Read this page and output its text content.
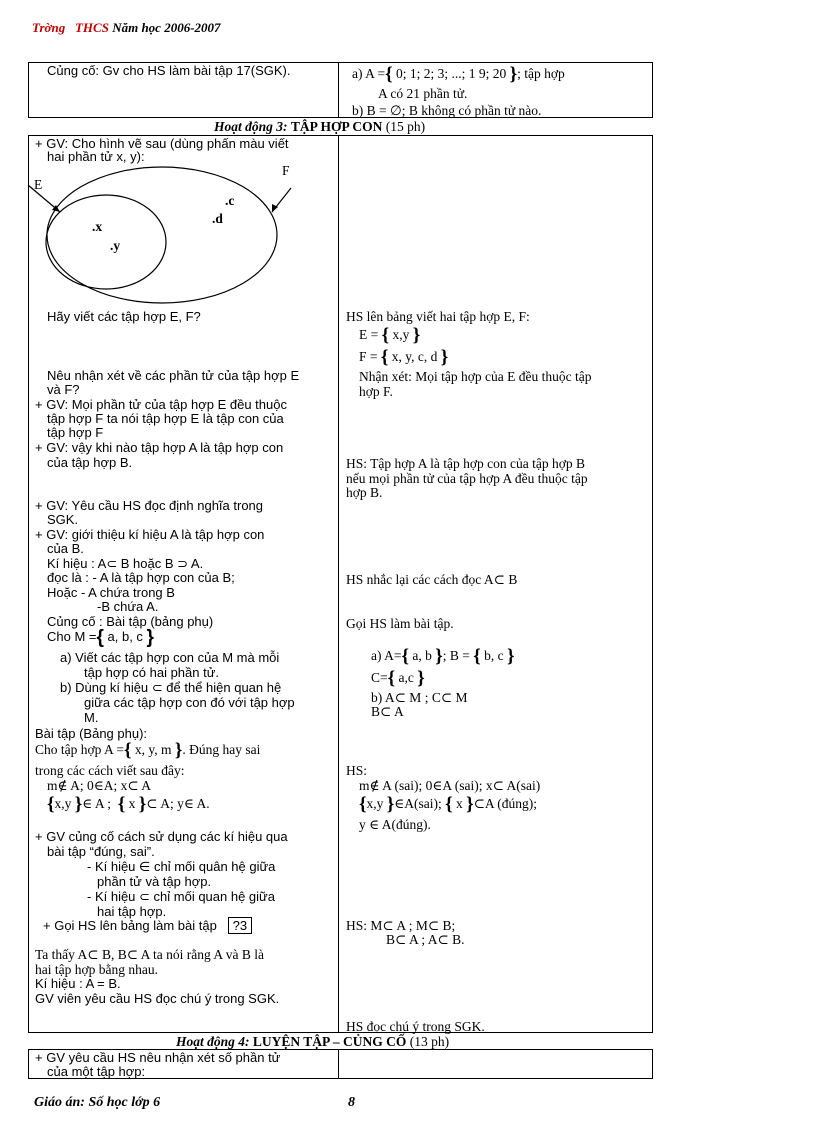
Trờng THCS Năm học 2006-2007
Củng cố: Gv cho HS làm bài tập 17(SGK).	a) A ={ 0; 1; 2; 3; ...; 1 9; 20 }; tập hợp
A có 21 phần tử.
b) B = ∅; B không có phần tử nào.
Hoạt động 3: TẬP HỢP CON (15 ph)
E
F
.c
.d
.x
.y
+ GV: Cho hình vẽ sau (dùng phấn màu viết
hai phần tử x, y):
Hãy viết các tập hợp E, F?
Nêu nhận xét về các phần tử của tập hợp E
và F?
+ GV: Mọi phần tử của tập hợp E đều thuộc
tập hợp F ta nói tập hợp E là tập con của
tập hợp F
+ GV: vậy khi nào tập hợp A là tập hợp con
của tập hợp B.
+ GV: Yêu cầu HS đọc định nghĩa trong
SGK.
+ GV: giới thiệu kí hiệu A là tập hợp con
của B.
Kí hiệu : A⊂ B hoặc B ⊃ A.
đọc là : - A là tập hợp con của B;
Hoặc - A chứa trong B
-B chứa A.
Củng cố : Bài tập (bảng phụ)
Cho M ={ a, b, c }
a) Viết các tập hợp con của M mà mỗi
tập hợp có hai phần tử.
b) Dùng kí hiệu ⊂ để thể hiện quan hệ
giữa các tập hợp con đó với tập hợp
M.
Bài tập (Bảng phụ):
Cho tập hợp A ={ x, y, m }. Đúng hay sai
trong các cách viết sau đây:
m∉ A; 0∈A; x⊂ A
{x,y }∈ A ; { x }⊂ A; y∈ A.
+ GV củng cố cách sử dụng các kí hiệu qua
bài tập “đúng, sai”.
- Kí hiệu ∈ chỉ mối quân hệ giữa
phần tử và tập hợp.
- Kí hiệu ⊂ chỉ mối quan hệ giữa
hai tập hợp.
+ Gọi HS lên bảng làm bài tập ?3
Ta thấy A⊂ B, B⊂ A ta nói rằng A và B là
hai tập hợp bằng nhau.
Kí hiệu : A = B.
GV viên yêu cầu HS đọc chú ý trong SGK.
HS lên bảng viết hai tập hợp E, F:
E = { x,y }
F = { x, y, c, d }
Nhận xét: Mọi tập hợp của E đều thuộc tập
hợp F.
HS: Tập hợp A là tập hợp con của tập hợp B
nếu mọi phần tử của tập hợp A đều thuộc tập
hợp B.
HS nhắc lại các cách đọc A⊂ B
Gọi HS làm bài tập.
a) A={ a, b }; B = { b, c }
C={ a,c }
b) A⊂ M ; C⊂ M
B⊂ A
HS:
m∉ A (sai); 0∈A (sai); x⊂ A(sai)
{x,y }∈A(sai); { x }⊂A (đúng);
y ∈ A(đúng).
HS: M⊂ A ; M⊂ B;
B⊂ A ; A⊂ B.
HS đọc chú ý trong SGK.
Hoạt động 4: LUYỆN TẬP – CỦNG CỐ (13 ph)
+ GV yêu cầu HS nêu nhận xét số phần tử
của một tập hợp:
Giáo án: Số học lớp 6	8
